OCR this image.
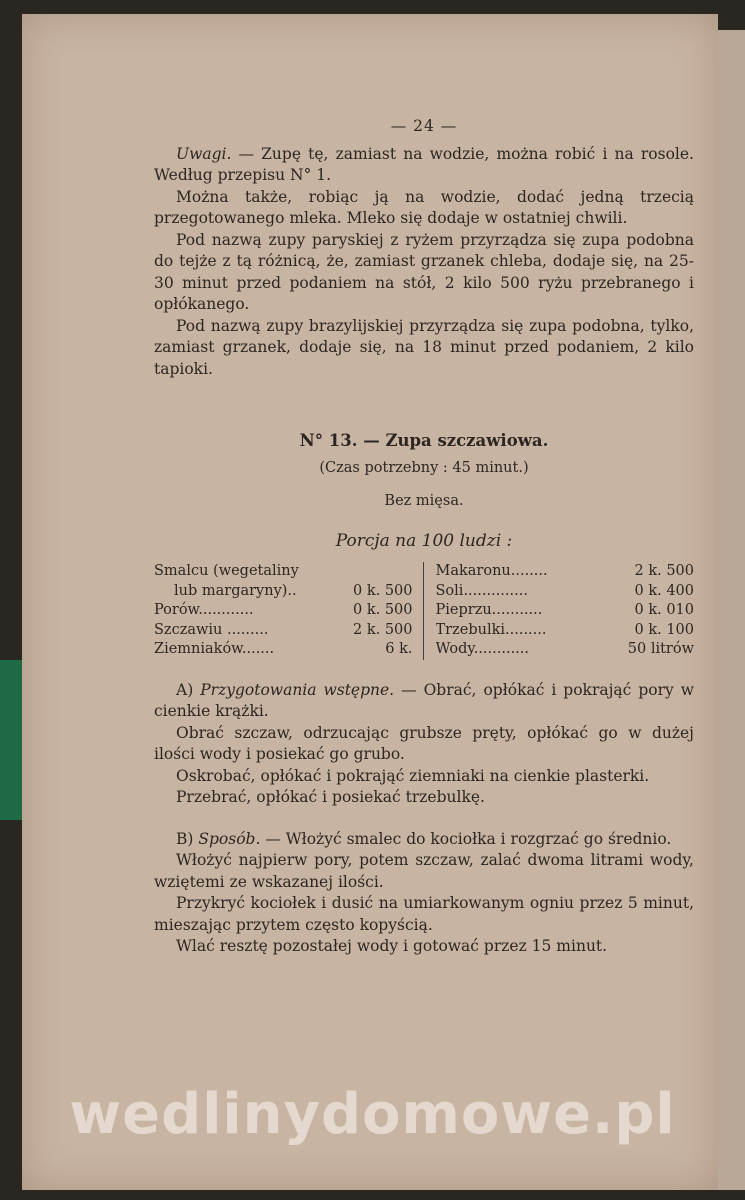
— 24 —

Uwagi. — Zupę tę, zamiast na wodzie, można robić i na rosole. Według przepisu N° 1.

Można także, robiąc ją na wodzie, dodać jedną trzecią przegotowanego mleka. Mleko się dodaje w ostatniej chwili.

Pod nazwą zupy paryskiej z ryżem przyrządza się zupa podobna do tejże z tą różnicą, że, zamiast grzanek chleba, dodaje się, na 25-30 minut przed podaniem na stół, 2 kilo 500 ryżu przebranego i opłókanego.

Pod nazwą zupy brazylijskiej przyrządza się zupa podobna, tylko, zamiast grzanek, dodaje się, na 18 minut przed podaniem, 2 kilo tapioki.

N° 13. — Zupa szczawiowa.
(Czas potrzebny : 45 minut.)
Bez mięsa.
Porcja na 100 ludzi :
Smalcu (wegetaliny
lub margaryny)..	0 k. 500
Porów............	0 k. 500
Szczawiu .........	2 k. 500
Ziemniaków.......	6 k.
Makaronu........	2 k. 500
Soli..............	0 k. 400
Pieprzu...........	0 k. 010
Trzebulki.........	0 k. 100
Wody............	50 litrów

A) Przygotowania wstępne. — Obrać, opłókać i pokrająć pory w cienkie krążki.

Obrać szczaw, odrzucając grubsze pręty, opłókać go w dużej ilości wody i posiekać go grubo.

Oskrobać, opłókać i pokrająć ziemniaki na cienkie plasterki.

Przebrać, opłókać i posiekać trzebulkę.

B) Sposób. — Włożyć smalec do kociołka i rozgrzać go średnio.

Włożyć najpierw pory, potem szczaw, zalać dwoma litrami wody, wziętemi ze wskazanej ilości.

Przykryć kociołek i dusić na umiarkowanym ogniu przez 5 minut, mieszając przytem często kopyścią.

Wlać resztę pozostałej wody i gotować przez 15 minut.

wedlinydomowe.pl
